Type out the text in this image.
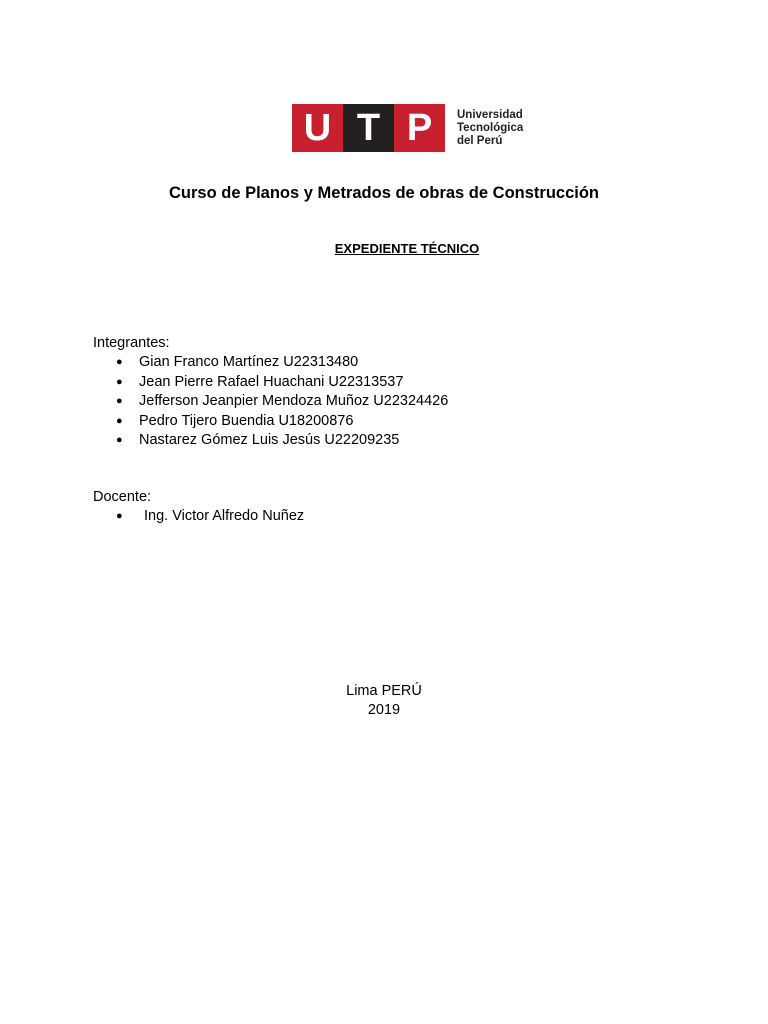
U T P	Universidad
Tecnológica
del Perú
Curso de Planos y Metrados de obras de Construcción
EXPEDIENTE TÉCNICO
Integrantes:
● Gian Franco Martínez U22313480
● Jean Pierre Rafael Huachani U22313537
● Jefferson Jeanpier Mendoza Muñoz U22324426
● Pedro Tijero Buendia U18200876
● Nastarez Gómez Luis Jesús U22209235
Docente:
● Ing. Victor Alfredo Nuñez
Lima PERÚ
2019
